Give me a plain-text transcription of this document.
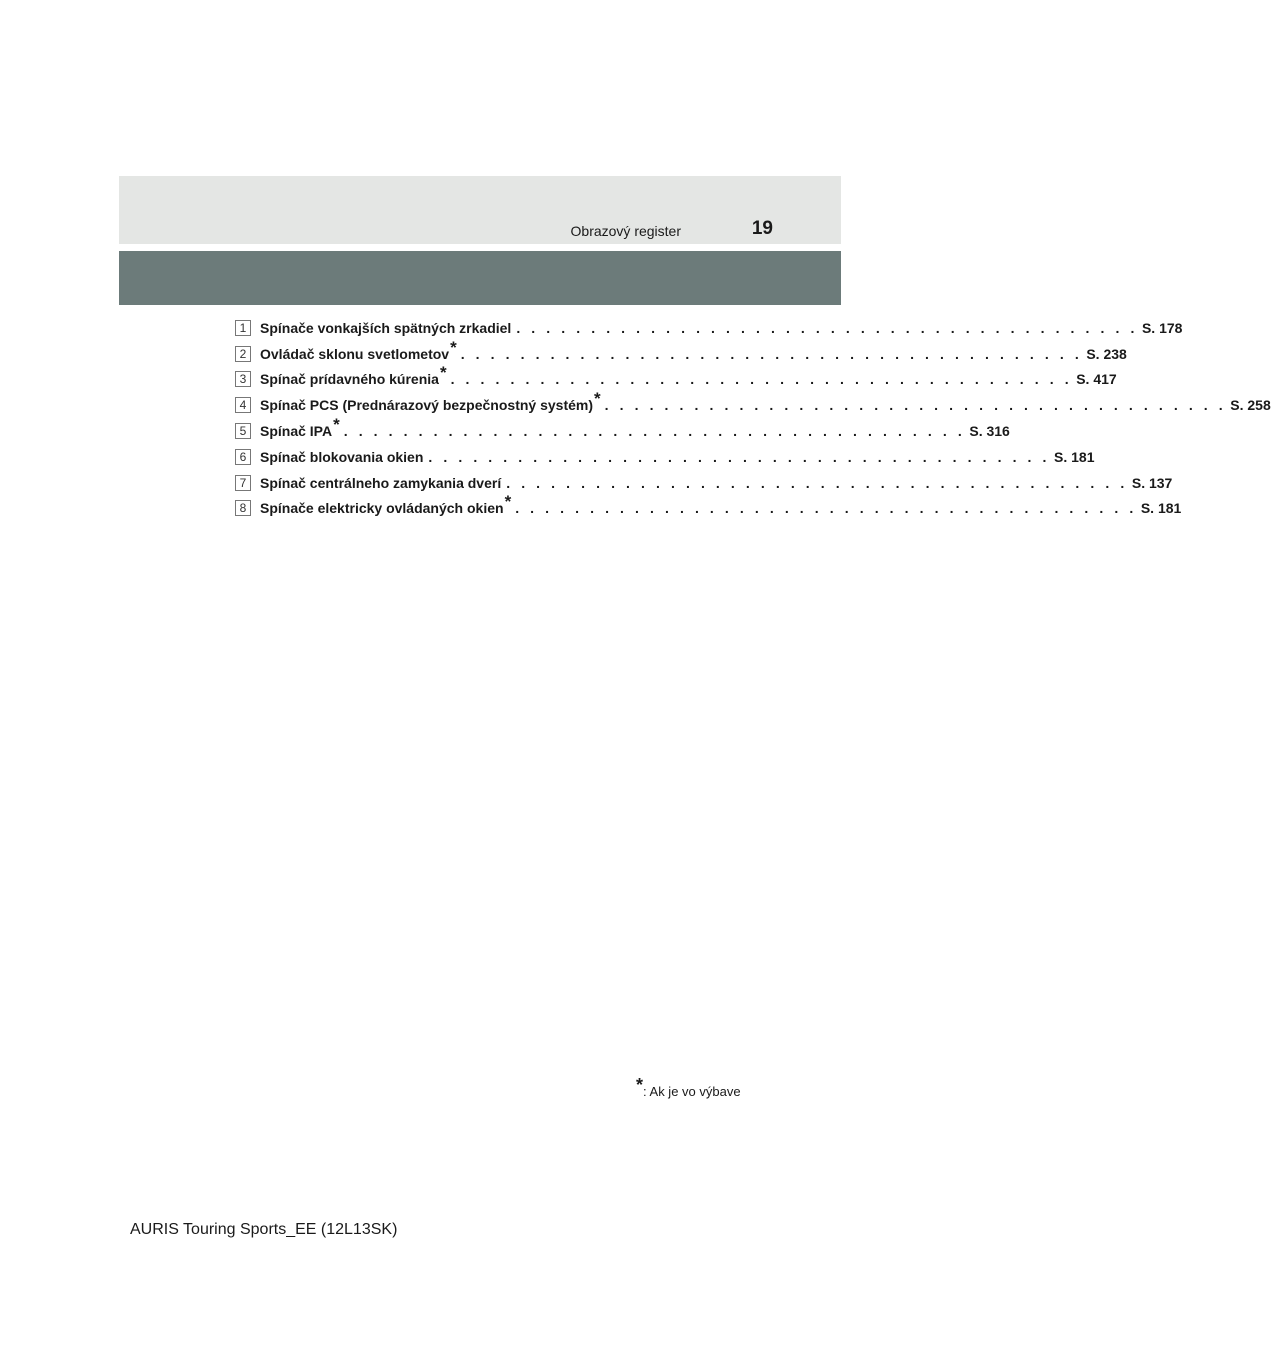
Obrazový register	19
1 Spínače vonkajších spätných zrkadiel . . . . . . . . . . . . . . . . . . . . . . . . . . . . . . . . . . . . . . . . . . S. 178
2 Ovládač sklonu svetlometov * . . . . . . . . . . . . . . . . . . . . . . . . . . . . . . . . . . . . . . . . . . S. 238
3 Spínač prídavného kúrenia * . . . . . . . . . . . . . . . . . . . . . . . . . . . . . . . . . . . . . . . . . . S. 417
4 Spínač PCS (Prednárazový bezpečnostný systém) * . . . . . . . . . . . . . . . . . . . . . . . . . . . . . . . . . . . . . . . . . . S. 258
5 Spínač IPA * . . . . . . . . . . . . . . . . . . . . . . . . . . . . . . . . . . . . . . . . . . S. 316
6 Spínač blokovania okien . . . . . . . . . . . . . . . . . . . . . . . . . . . . . . . . . . . . . . . . . . S. 181
7 Spínač centrálneho zamykania dverí . . . . . . . . . . . . . . . . . . . . . . . . . . . . . . . . . . . . . . . . . . S. 137
8 Spínače elektricky ovládaných okien * . . . . . . . . . . . . . . . . . . . . . . . . . . . . . . . . . . . . . . . . . . S. 181
*: Ak je vo výbave
AURIS Touring Sports_EE (12L13SK)
